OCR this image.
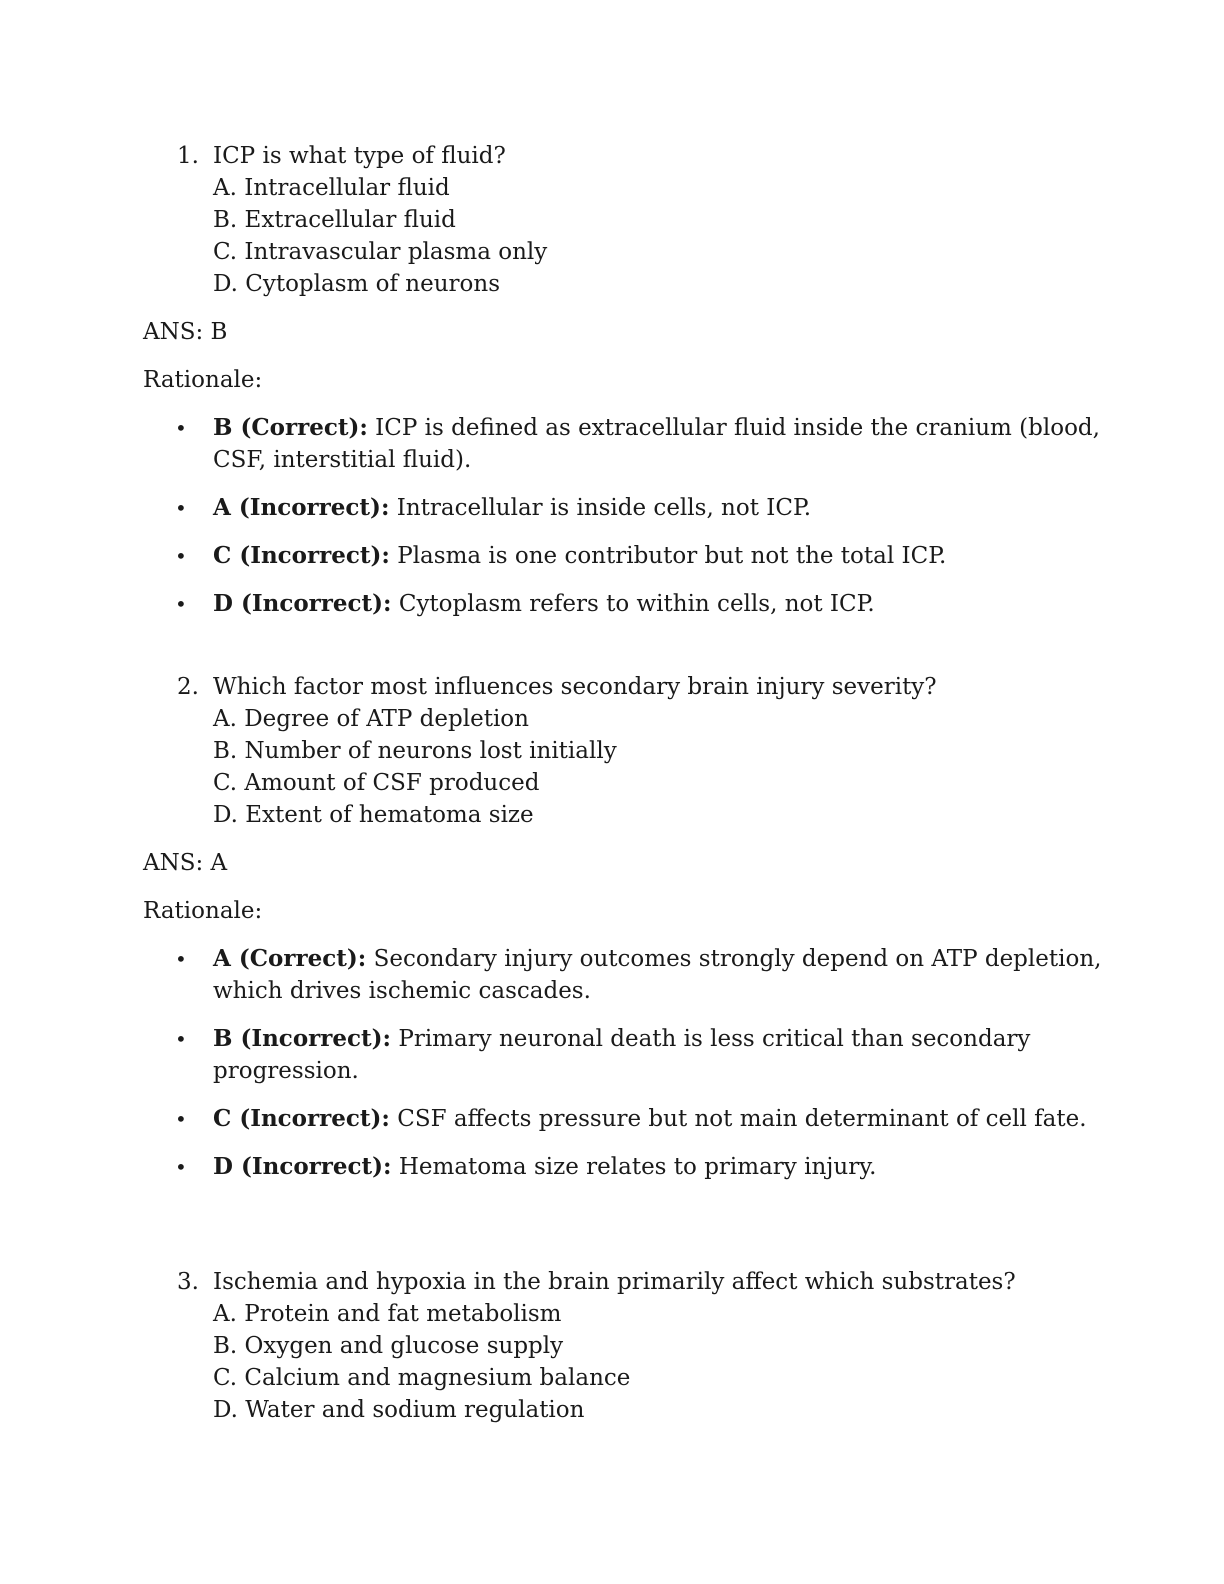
1. ICP is what type of fluid?
A. Intracellular fluid
B. Extracellular fluid
C. Intravascular plasma only
D. Cytoplasm of neurons
ANS: B
Rationale:
• B (Correct): ICP is defined as extracellular fluid inside the cranium (blood, CSF, interstitial fluid).
• A (Incorrect): Intracellular is inside cells, not ICP.
• C (Incorrect): Plasma is one contributor but not the total ICP.
• D (Incorrect): Cytoplasm refers to within cells, not ICP.
2. Which factor most influences secondary brain injury severity?
A. Degree of ATP depletion
B. Number of neurons lost initially
C. Amount of CSF produced
D. Extent of hematoma size
ANS: A
Rationale:
• A (Correct): Secondary injury outcomes strongly depend on ATP depletion, which drives ischemic cascades.
• B (Incorrect): Primary neuronal death is less critical than secondary progression.
• C (Incorrect): CSF affects pressure but not main determinant of cell fate.
• D (Incorrect): Hematoma size relates to primary injury.
3. Ischemia and hypoxia in the brain primarily affect which substrates?
A. Protein and fat metabolism
B. Oxygen and glucose supply
C. Calcium and magnesium balance
D. Water and sodium regulation
